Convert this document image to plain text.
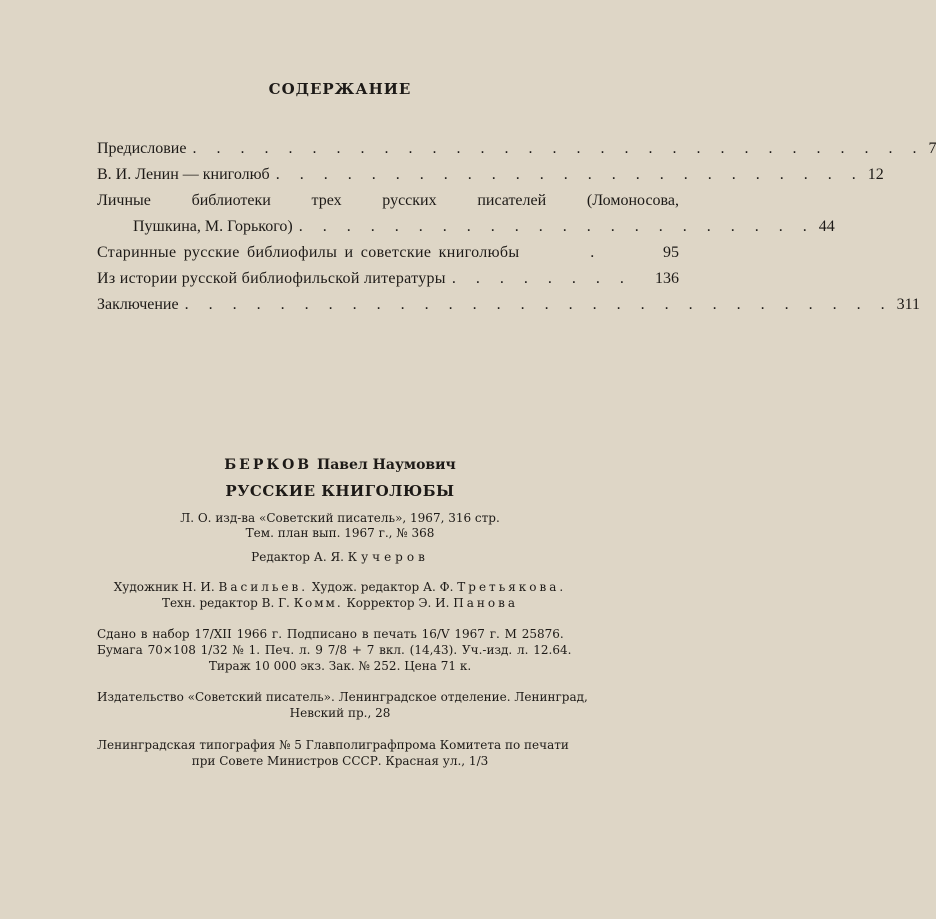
СОДЕРЖАНИЕ
Предисловие . . . . . . . . . . . . . . . . . . . . . . . . . . . . . . . 7
В. И. Ленин — книголюб . . . . . . . . . . . . . . . . . . . . . . . . . 12
Личные библиотеки трех русских писателей (Ломоносова,
Пушкина, М. Горького) . . . . . . . . . . . . . . . . . . . . . . 44
Старинные русские библиофилы и советские книголюбы	.	95
Из истории русской библиофильской литературы . . . . . . . .	136
Заключение . . . . . . . . . . . . . . . . . . . . . . . . . . . . . . 311
БЕРКОВ Павел Наумович
РУССКИЕ КНИГОЛЮБЫ
Л. О. изд-ва «Советский писатель», 1967, 316 стр.
Тем. план вып. 1967 г., № 368
Редактор А. Я. Кучеров
Художник Н. И. Васильев. Худож. редактор А. Ф. Третьякова.
Техн. редактор В. Г. Комм. Корректор Э. И. Панова
Сдано в набор 17/XII 1966 г. Подписано в печать 16/V 1967 г. М 25876.
Бумага 70×108 1/32 № 1. Печ. л. 9 7/8 + 7 вкл. (14,43). Уч.-изд. л. 12.64.
Тираж 10 000 экз. Зак. № 252. Цена 71 к.
Издательство «Советский писатель». Ленинградское отделение. Ленинград,
Невский пр., 28
Ленинградская типография № 5 Главполиграфпрома Комитета по печати
при Совете Министров СССР. Красная ул., 1/3
